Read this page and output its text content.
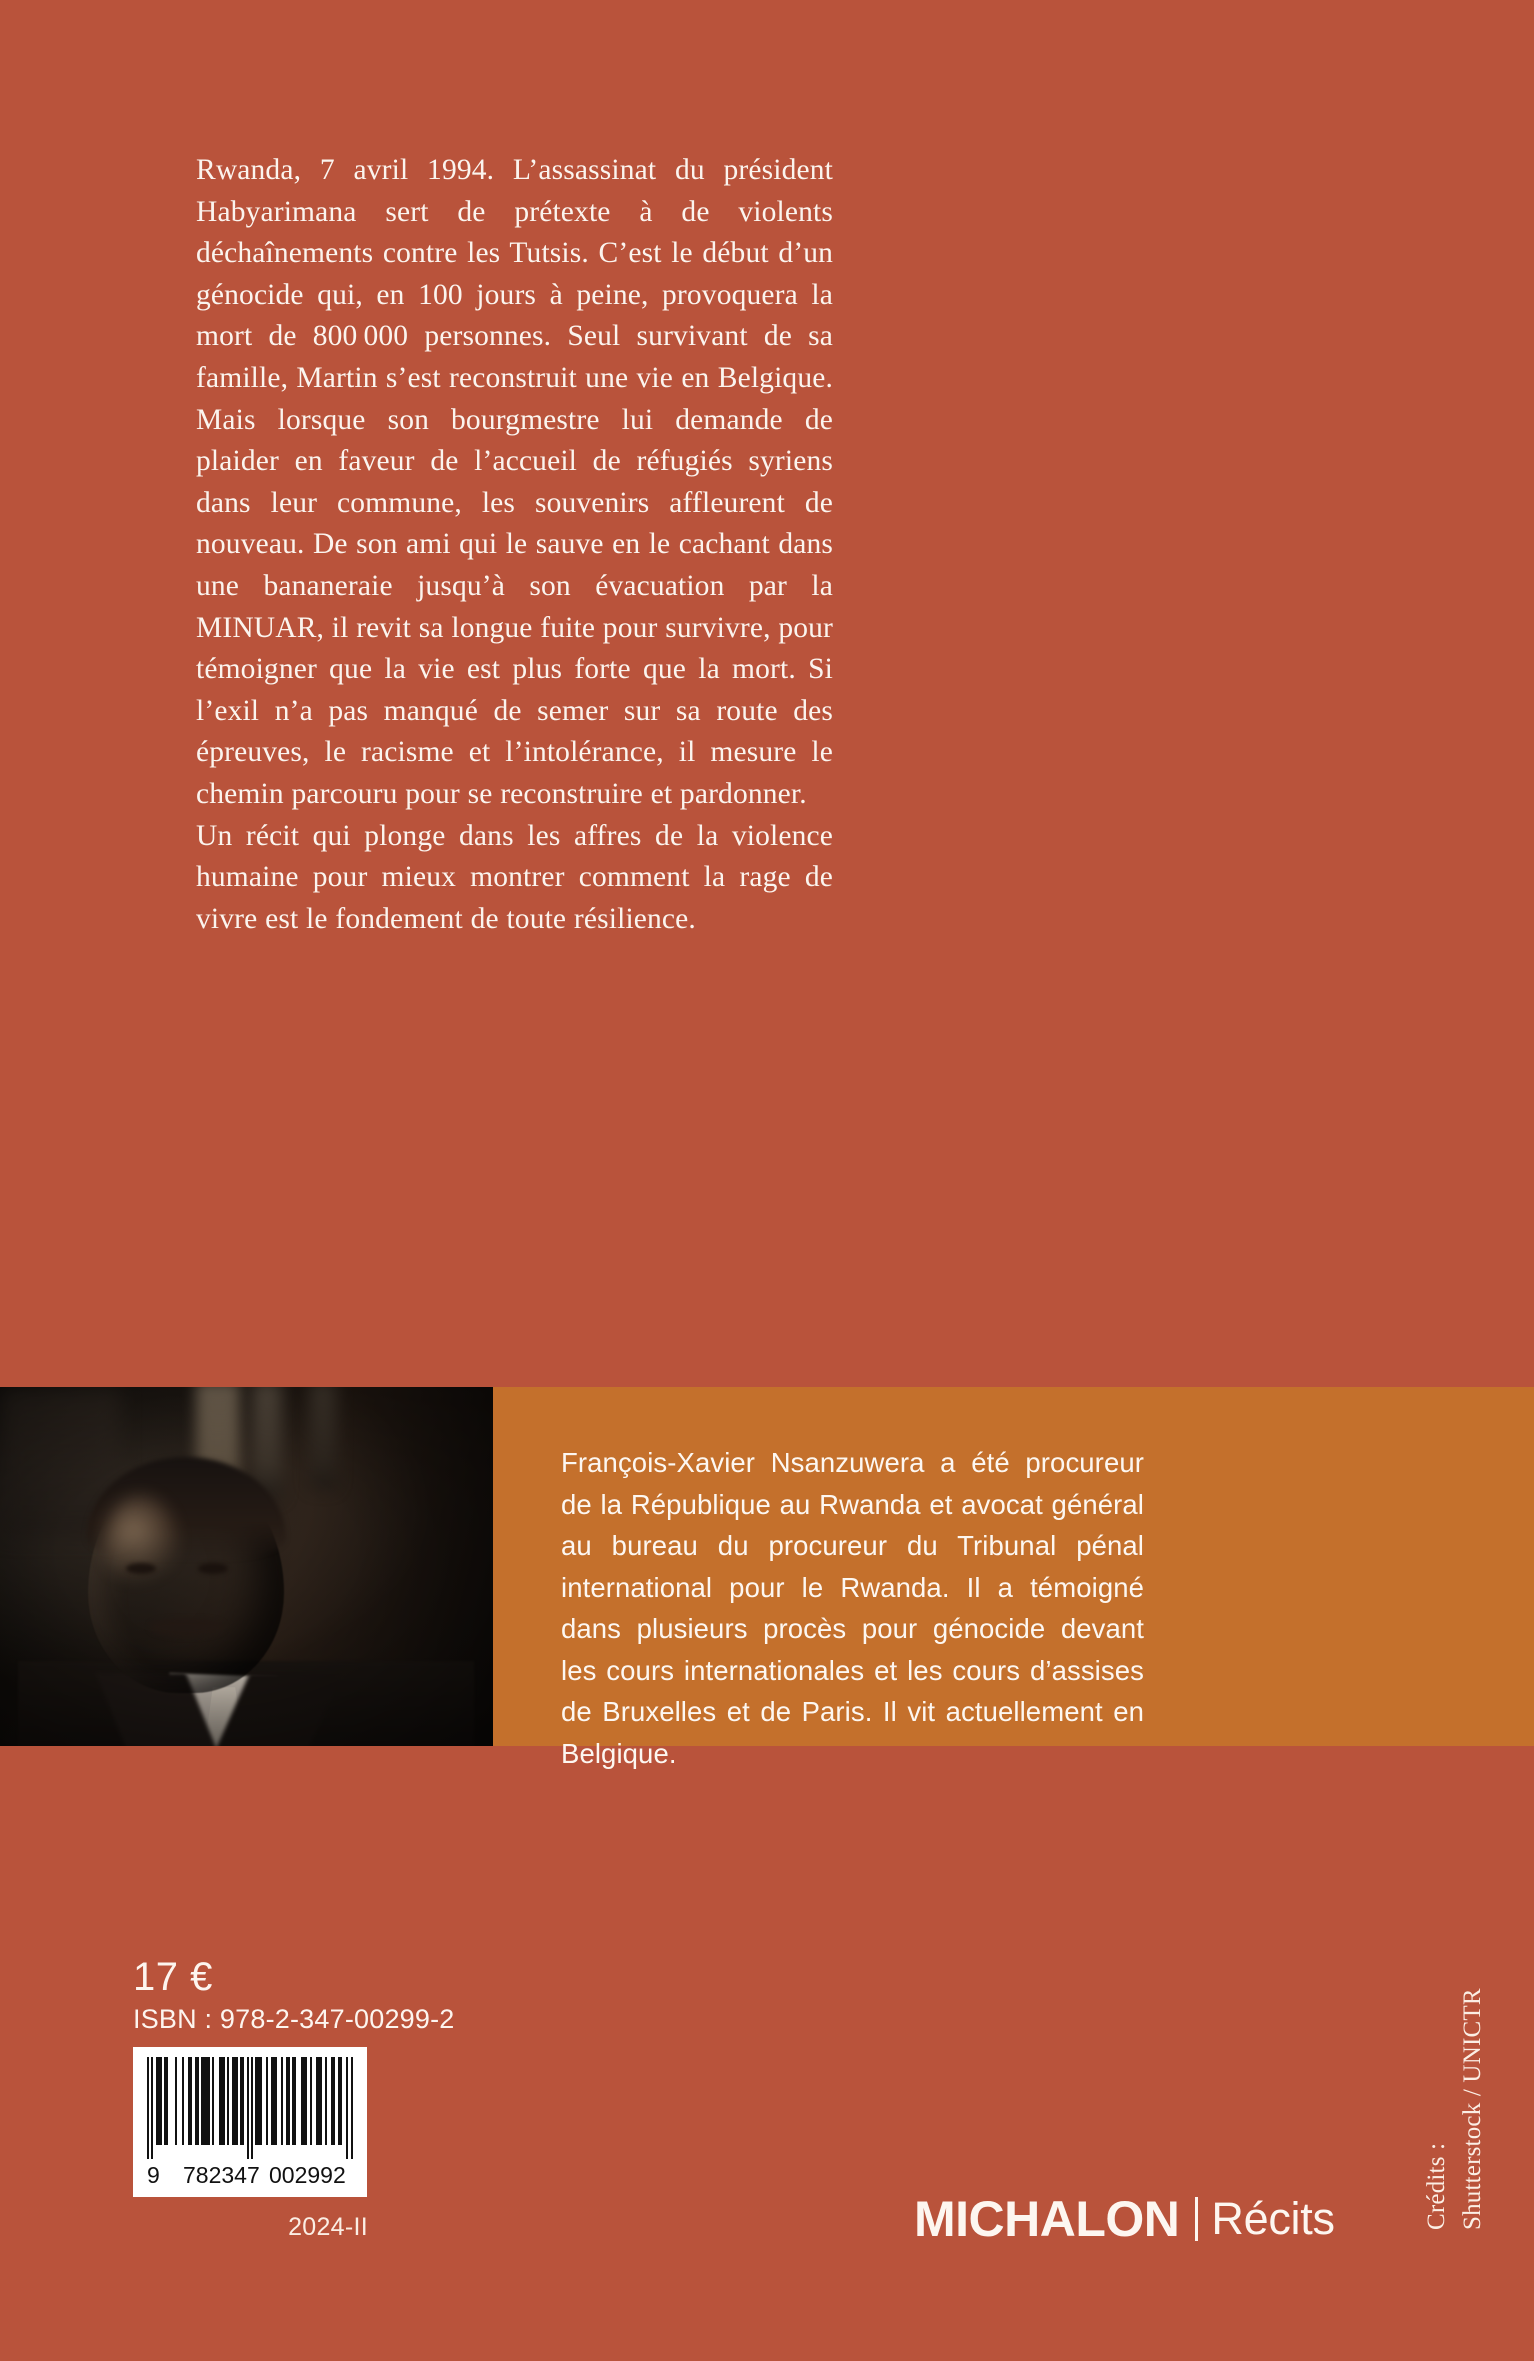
Rwanda, 7 avril 1994. L’assassinat du président Habyarimana sert de prétexte à de violents déchaînements contre les Tutsis. C’est le début d’un génocide qui, en 100 jours à peine, provoquera la mort de 800 000 personnes. Seul survivant de sa famille, Martin s’est reconstruit une vie en Belgique. Mais lorsque son bourgmestre lui demande de plaider en faveur de l’accueil de réfugiés syriens dans leur commune, les souvenirs affleurent de nouveau. De son ami qui le sauve en le cachant dans une bananeraie jusqu’à son évacuation par la MINUAR, il revit sa longue fuite pour survivre, pour témoigner que la vie est plus forte que la mort. Si l’exil n’a pas manqué de semer sur sa route des épreuves, le racisme et l’intolérance, il mesure le chemin parcouru pour se reconstruire et pardonner.

Un récit qui plonge dans les affres de la violence humaine pour mieux montrer comment la rage de vivre est le fondement de toute résilience.

François-Xavier Nsanzuwera a été procureur de la République au Rwanda et avocat général au bureau du procureur du Tribunal pénal international pour le Rwanda. Il a témoigné dans plusieurs procès pour génocide devant les cours internationales et les cours d’assises de Bruxelles et de Paris. Il vit actuellement en Belgique.

17 €
ISBN : 978-2-347-00299-2
9 782347 002992
2024-II	MICHALON Récits	Crédits : Shutterstock / UNICTR
